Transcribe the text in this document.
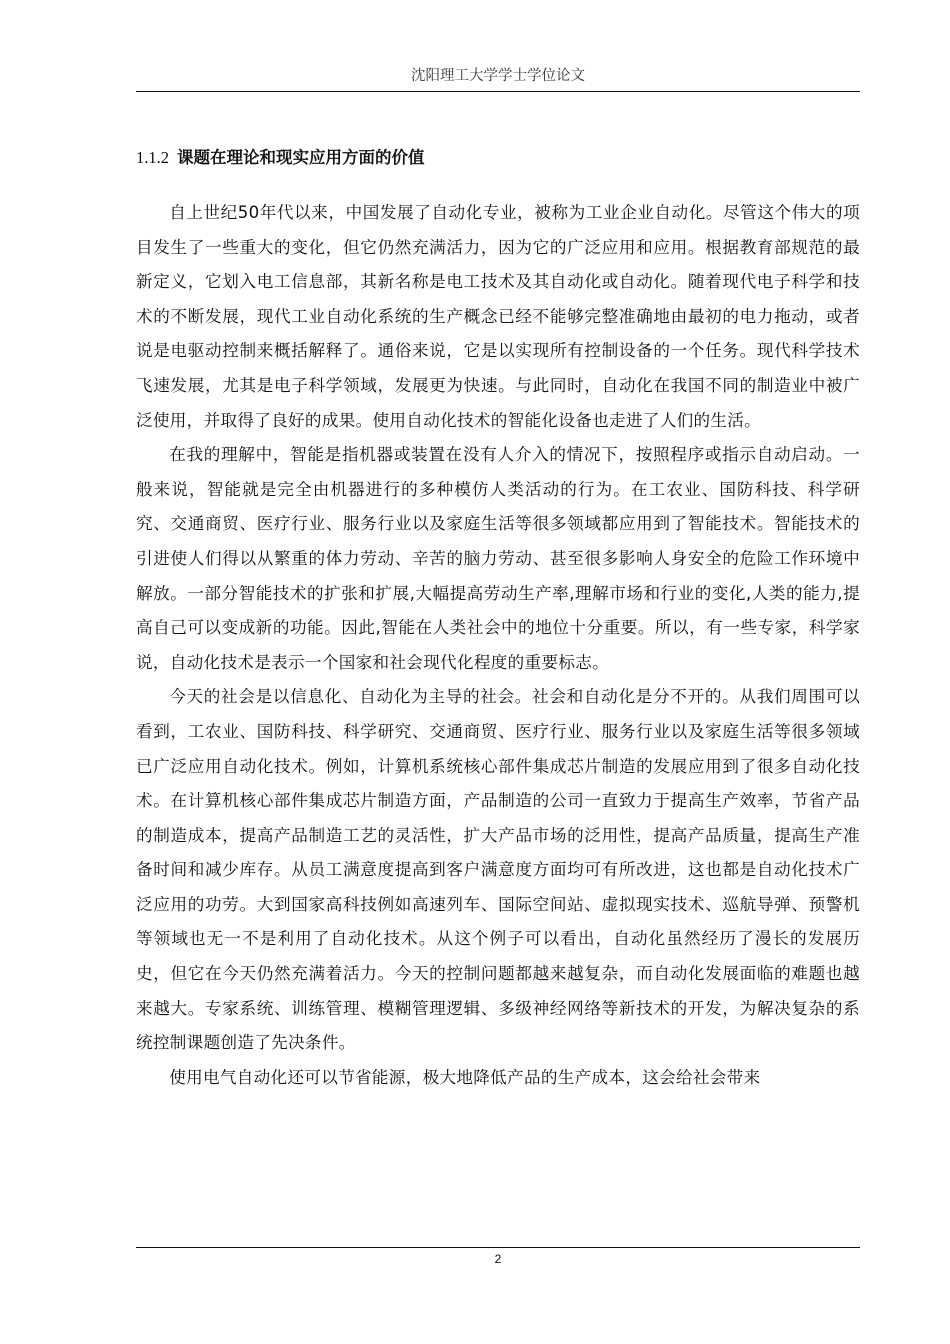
沈阳理工大学学士学位论文
1.1.2 课题在理论和现实应用方面的价值

自上世纪50年代以来，中国发展了自动化专业，被称为工业企业自动化。尽管这个伟大的项目发生了一些重大的变化，但它仍然充满活力，因为它的广泛应用和应用。根据教育部规范的最新定义，它划入电工信息部，其新名称是电工技术及其自动化或自动化。随着现代电子科学和技术的不断发展，现代工业自动化系统的生产概念已经不能够完整准确地由最初的电力拖动，或者说是电驱动控制来概括解释了。通俗来说，它是以实现所有控制设备的一个任务。现代科学技术飞速发展，尤其是电子科学领域，发展更为快速。与此同时，自动化在我国不同的制造业中被广泛使用，并取得了良好的成果。使用自动化技术的智能化设备也走进了人们的生活。

在我的理解中，智能是指机器或装置在没有人介入的情况下，按照程序或指示自动启动。一般来说，智能就是完全由机器进行的多种模仿人类活动的行为。在工农业、国防科技、科学研究、交通商贸、医疗行业、服务行业以及家庭生活等很多领域都应用到了智能技术。智能技术的引进使人们得以从繁重的体力劳动、辛苦的脑力劳动、甚至很多影响人身安全的危险工作环境中解放。一部分智能技术的扩张和扩展,大幅提高劳动生产率,理解市场和行业的变化,人类的能力,提高自己可以变成新的功能。因此,智能在人类社会中的地位十分重要。所以，有一些专家，科学家说，自动化技术是表示一个国家和社会现代化程度的重要标志。

今天的社会是以信息化、自动化为主导的社会。社会和自动化是分不开的。从我们周围可以看到，工农业、国防科技、科学研究、交通商贸、医疗行业、服务行业以及家庭生活等很多领域已广泛应用自动化技术。例如，计算机系统核心部件集成芯片制造的发展应用到了很多自动化技术。在计算机核心部件集成芯片制造方面，产品制造的公司一直致力于提高生产效率，节省产品的制造成本，提高产品制造工艺的灵活性，扩大产品市场的泛用性，提高产品质量，提高生产准备时间和减少库存。从员工满意度提高到客户满意度方面均可有所改进，这也都是自动化技术广泛应用的功劳。大到国家高科技例如高速列车、国际空间站、虚拟现实技术、巡航导弹、预警机等领域也无一不是利用了自动化技术。从这个例子可以看出，自动化虽然经历了漫长的发展历史，但它在今天仍然充满着活力。今天的控制问题都越来越复杂，而自动化发展面临的难题也越来越大。专家系统、训练管理、模糊管理逻辑、多级神经网络等新技术的开发，为解决复杂的系统控制课题创造了先决条件。

使用电气自动化还可以节省能源，极大地降低产品的生产成本，这会给社会带来

2
